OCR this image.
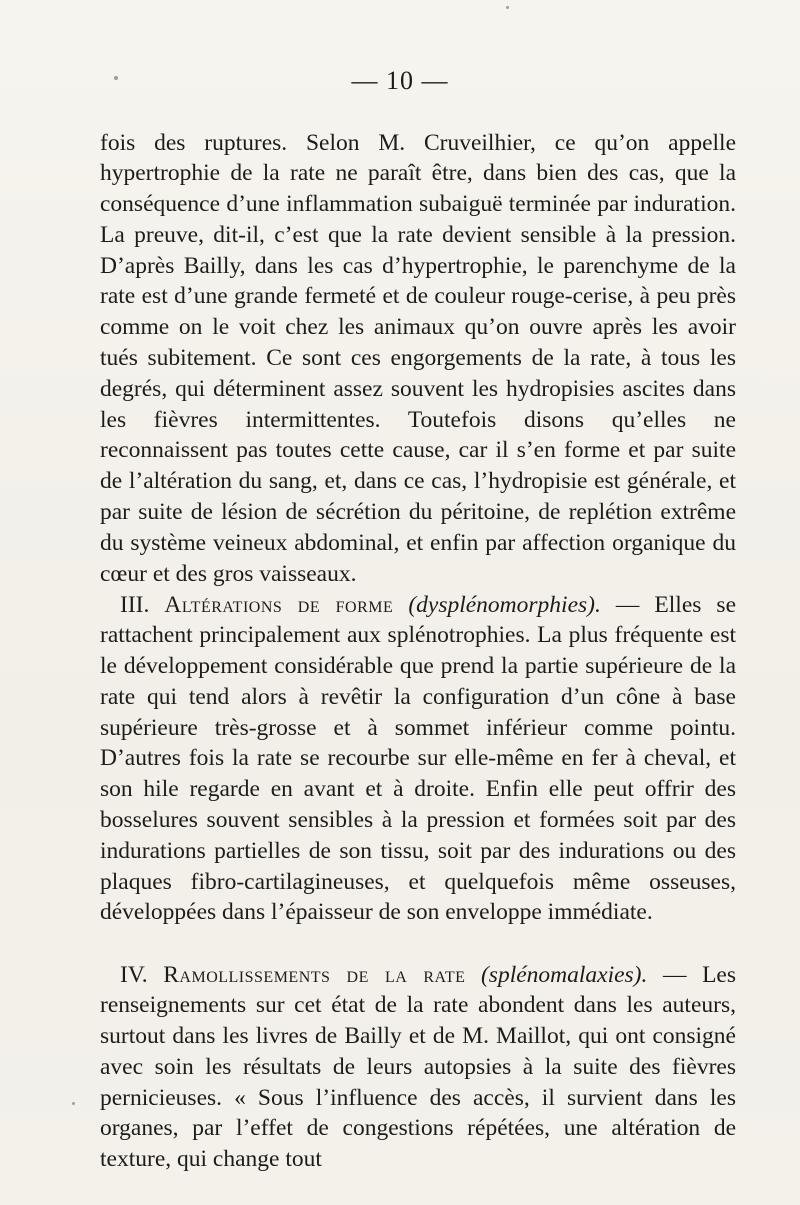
— 10 —

fois des ruptures. Selon M. Cruveilhier, ce qu’on appelle hypertrophie de la rate ne paraît être, dans bien des cas, que la conséquence d’une inflammation subaiguë terminée par induration. La preuve, dit-il, c’est que la rate devient sensible à la pression. D’après Bailly, dans les cas d’hypertrophie, le parenchyme de la rate est d’une grande fermeté et de couleur rouge-cerise, à peu près comme on le voit chez les animaux qu’on ouvre après les avoir tués subitement. Ce sont ces engorgements de la rate, à tous les degrés, qui déterminent assez souvent les hydropisies ascites dans les fièvres intermittentes. Toutefois disons qu’elles ne reconnaissent pas toutes cette cause, car il s’en forme et par suite de l’altération du sang, et, dans ce cas, l’hydropisie est générale, et par suite de lésion de sécrétion du péritoine, de replétion extrême du système veineux abdominal, et enfin par affection organique du cœur et des gros vaisseaux.

III. Altérations de forme (dysplénomorphies). — Elles se rattachent principalement aux splénotrophies. La plus fréquente est le développement considérable que prend la partie supérieure de la rate qui tend alors à revêtir la configuration d’un cône à base supérieure très-grosse et à sommet inférieur comme pointu. D’autres fois la rate se recourbe sur elle-même en fer à cheval, et son hile regarde en avant et à droite. Enfin elle peut offrir des bosselures souvent sensibles à la pression et formées soit par des indurations partielles de son tissu, soit par des indurations ou des plaques fibro-cartilagineuses, et quelquefois même osseuses, développées dans l’épaisseur de son enveloppe immédiate.

IV. Ramollissements de la rate (splénomalaxies). — Les renseignements sur cet état de la rate abondent dans les auteurs, surtout dans les livres de Bailly et de M. Maillot, qui ont consigné avec soin les résultats de leurs autopsies à la suite des fièvres pernicieuses. « Sous l’influence des accès, il survient dans les organes, par l’effet de congestions répétées, une altération de texture, qui change tout
